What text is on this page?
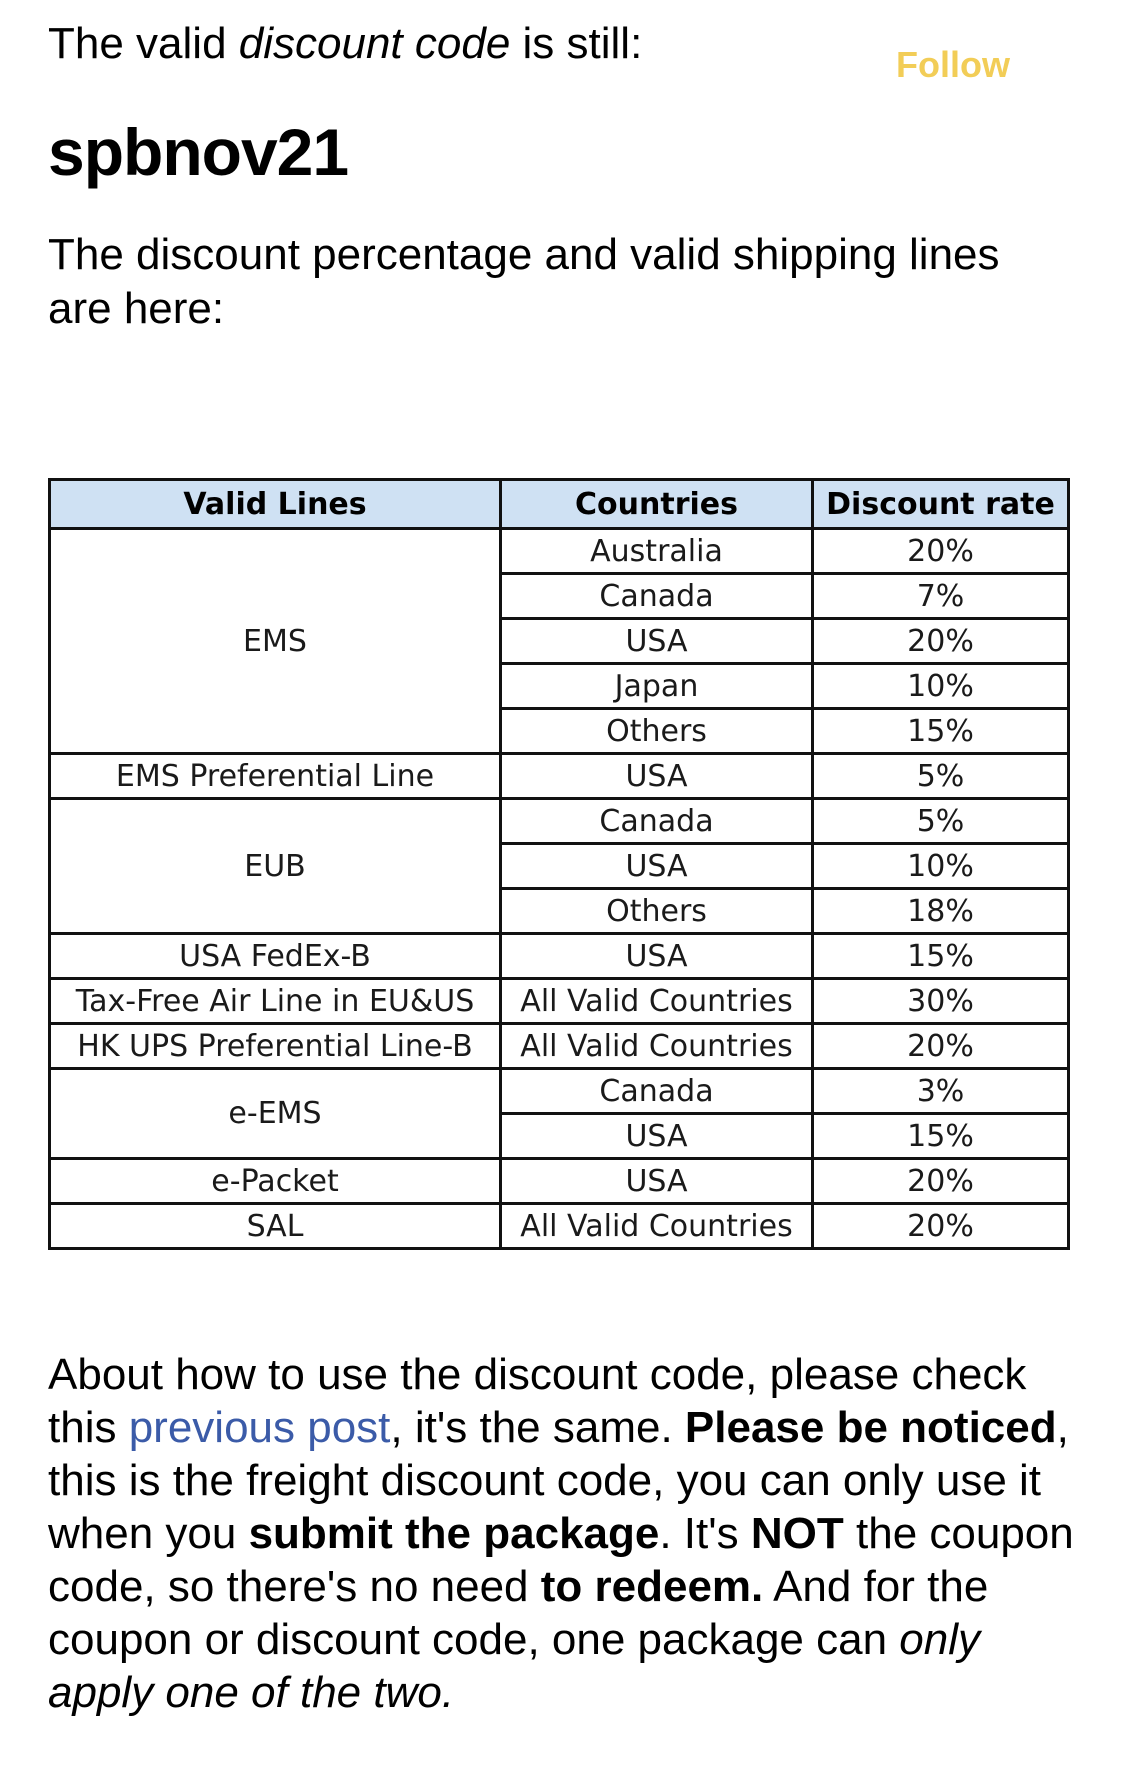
The valid discount code is still:	Follow

spbnov21

The discount percentage and valid shipping lines are here:

Valid Lines	Countries	Discount rate
EMS	Australia	20%
	Canada	7%
	USA	20%
	Japan	10%
	Others	15%
EMS Preferential Line	USA	5%
EUB	Canada	5%
	USA	10%
	Others	18%
USA FedEx-B	USA	15%
Tax-Free Air Line in EU&US	All Valid Countries	30%
HK UPS Preferential Line-B	All Valid Countries	20%
e-EMS	Canada	3%
	USA	15%
e-Packet	USA	20%
SAL	All Valid Countries	20%

About how to use the discount code, please check this previous post, it's the same. Please be noticed, this is the freight discount code, you can only use it when you submit the package. It's NOT the coupon code, so there's no need to redeem. And for the coupon or discount code, one package can only apply one of the two.
